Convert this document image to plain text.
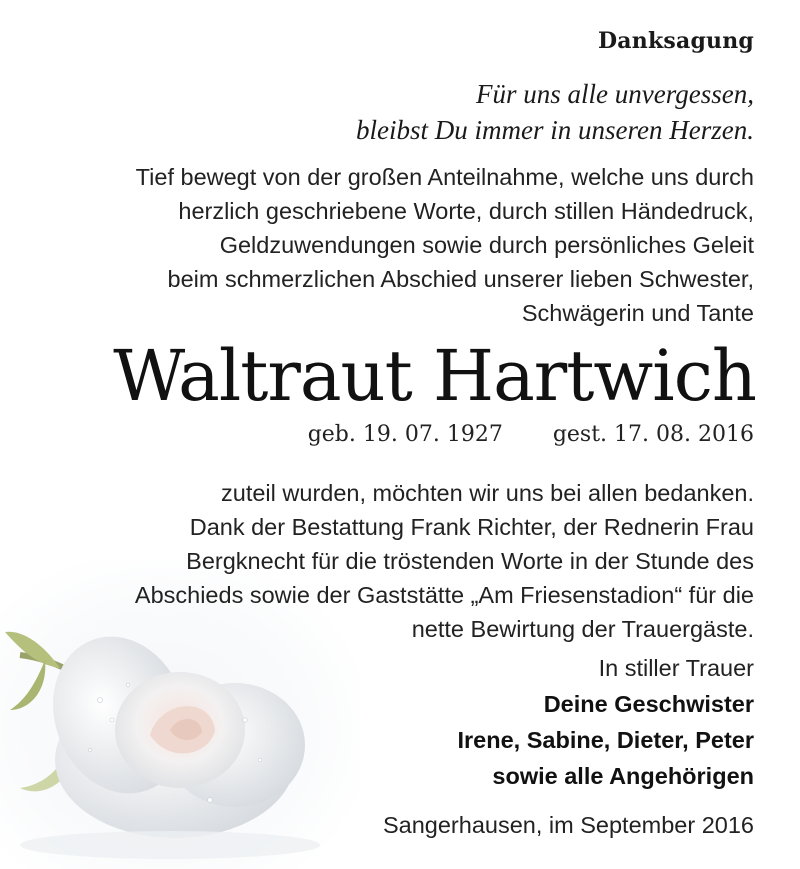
Danksagung
Für uns alle unvergessen,
bleibst Du immer in unseren Herzen.
Tief bewegt von der großen Anteilnahme, welche uns durch
herzlich geschriebene Worte, durch stillen Händedruck,
Geldzuwendungen sowie durch persönliches Geleit
beim schmerzlichen Abschied unserer lieben Schwester,
Schwägerin und Tante
Waltraut Hartwich
geb. 19. 07. 1927 gest. 17. 08. 2016
zuteil wurden, möchten wir uns bei allen bedanken.
Dank der Bestattung Frank Richter, der Rednerin Frau
Bergknecht für die tröstenden Worte in der Stunde des
Abschieds sowie der Gaststätte „Am Friesenstadion“ für die
nette Bewirtung der Trauergäste.
In stiller Trauer
Deine Geschwister
Irene, Sabine, Dieter, Peter
sowie alle Angehörigen
Sangerhausen, im September 2016
